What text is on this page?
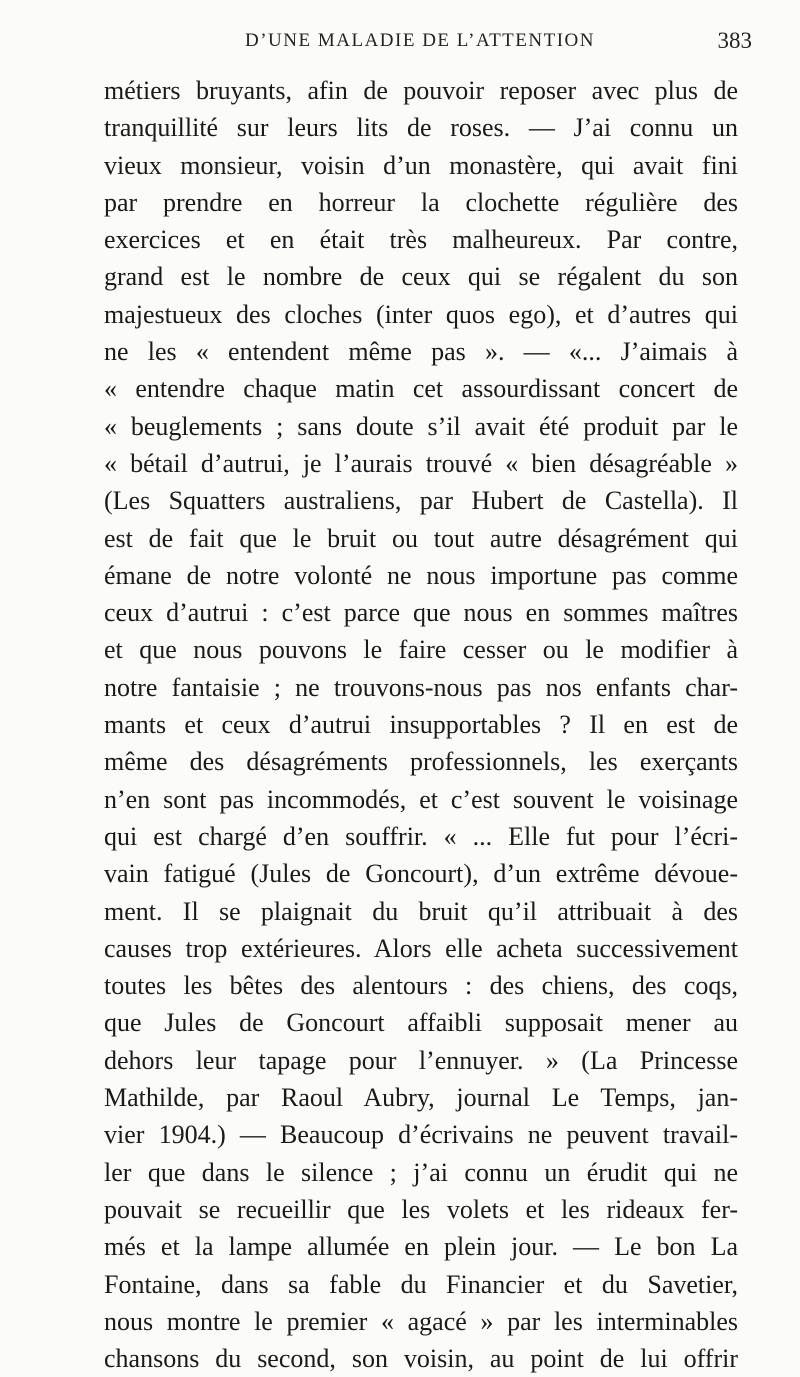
D’UNE MALADIE DE L’ATTENTION	383
métiers bruyants, afin de pouvoir reposer avec plus de
tranquillité sur leurs lits de roses. — J’ai connu un
vieux monsieur, voisin d’un monastère, qui avait fini
par prendre en horreur la clochette régulière des
exercices et en était très malheureux. Par contre,
grand est le nombre de ceux qui se régalent du son
majestueux des cloches (inter quos ego), et d’autres qui
ne les « entendent même pas ». — «... J’aimais à
« entendre chaque matin cet assourdissant concert de
« beuglements ; sans doute s’il avait été produit par le
« bétail d’autrui, je l’aurais trouvé « bien désagréable »
(Les Squatters australiens, par Hubert de Castella). Il
est de fait que le bruit ou tout autre désagrément qui
émane de notre volonté ne nous importune pas comme
ceux d’autrui : c’est parce que nous en sommes maîtres
et que nous pouvons le faire cesser ou le modifier à
notre fantaisie ; ne trouvons-nous pas nos enfants char-
mants et ceux d’autrui insupportables ? Il en est de
même des désagréments professionnels, les exerçants
n’en sont pas incommodés, et c’est souvent le voisinage
qui est chargé d’en souffrir. « ... Elle fut pour l’écri-
vain fatigué (Jules de Goncourt), d’un extrême dévoue-
ment. Il se plaignait du bruit qu’il attribuait à des
causes trop extérieures. Alors elle acheta successivement
toutes les bêtes des alentours : des chiens, des coqs,
que Jules de Goncourt affaibli supposait mener au
dehors leur tapage pour l’ennuyer. » (La Princesse
Mathilde, par Raoul Aubry, journal Le Temps, jan-
vier 1904.) — Beaucoup d’écrivains ne peuvent travail-
ler que dans le silence ; j’ai connu un érudit qui ne
pouvait se recueillir que les volets et les rideaux fer-
més et la lampe allumée en plein jour. — Le bon La
Fontaine, dans sa fable du Financier et du Savetier,
nous montre le premier « agacé » par les interminables
chansons du second, son voisin, au point de lui offrir
